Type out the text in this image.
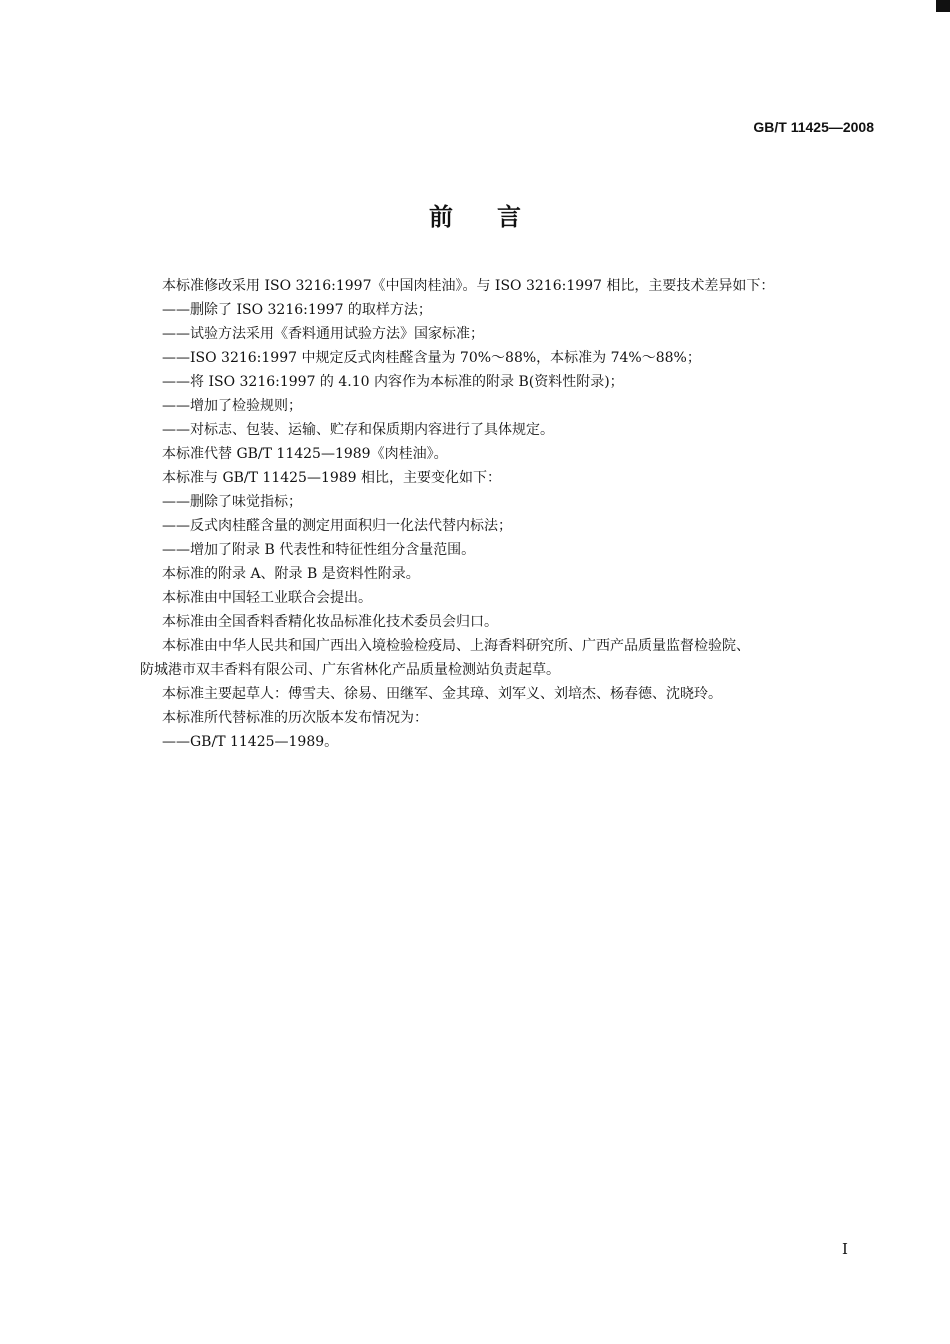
GB/T 11425—2008
前言
本标准修改采用 ISO 3216:1997《中国肉桂油》。与 ISO 3216:1997 相比，主要技术差异如下：
——删除了 ISO 3216:1997 的取样方法；
——试验方法采用《香料通用试验方法》国家标准；
——ISO 3216:1997 中规定反式肉桂醛含量为 70%～88%，本标准为 74%～88%；
——将 ISO 3216:1997 的 4.10 内容作为本标准的附录 B(资料性附录)；
——增加了检验规则；
——对标志、包装、运输、贮存和保质期内容进行了具体规定。
本标准代替 GB/T 11425—1989《肉桂油》。
本标准与 GB/T 11425—1989 相比，主要变化如下：
——删除了味觉指标；
——反式肉桂醛含量的测定用面积归一化法代替内标法；
——增加了附录 B 代表性和特征性组分含量范围。
本标准的附录 A、附录 B 是资料性附录。
本标准由中国轻工业联合会提出。
本标准由全国香料香精化妆品标准化技术委员会归口。
本标准由中华人民共和国广西出入境检验检疫局、上海香料研究所、广西产品质量监督检验院、
防城港市双丰香料有限公司、广东省林化产品质量检测站负责起草。
本标准主要起草人：傅雪夫、徐易、田继军、金其璋、刘军义、刘培杰、杨春德、沈晓玲。
本标准所代替标准的历次版本发布情况为：
——GB/T 11425—1989。
I
